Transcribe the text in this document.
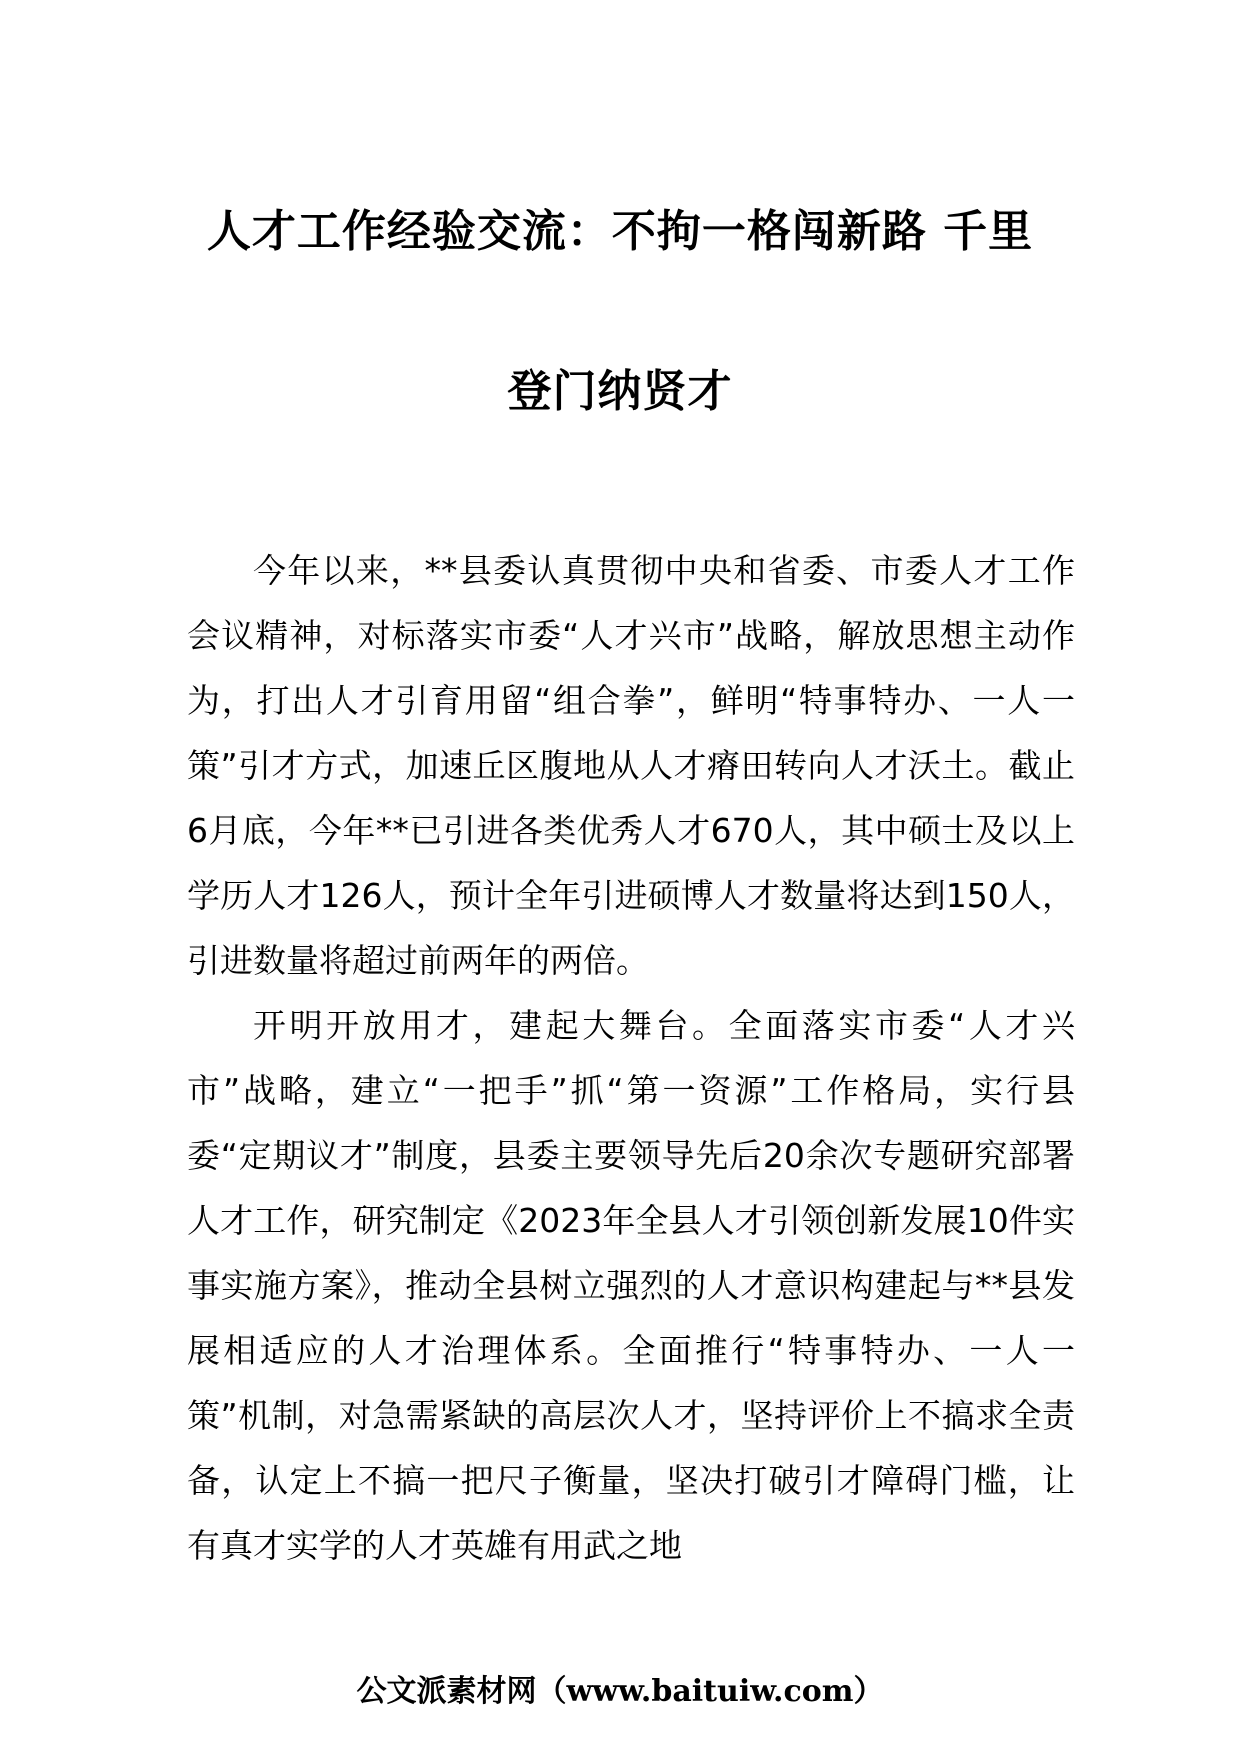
人才工作经验交流：不拘一格闯新路 千里
登门纳贤才

今年以来，**县委认真贯彻中央和省委、市委人才工作会议精神，对标落实市委“人才兴市”战略，解放思想主动作为，打出人才引育用留“组合拳”，鲜明“特事特办、一人一策”引才方式，加速丘区腹地从人才瘠田转向人才沃土。截止6月底，今年**已引进各类优秀人才670人，其中硕士及以上学历人才126人，预计全年引进硕博人才数量将达到150人，引进数量将超过前两年的两倍。

开明开放用才，建起大舞台。全面落实市委“人才兴市”战略，建立“一把手”抓“第一资源”工作格局，实行县委“定期议才”制度，县委主要领导先后20余次专题研究部署人才工作，研究制定《2023年全县人才引领创新发展10件实事实施方案》，推动全县树立强烈的人才意识构建起与**县发展相适应的人才治理体系。全面推行“特事特办、一人一策”机制，对急需紧缺的高层次人才，坚持评价上不搞求全责备，认定上不搞一把尺子衡量，坚决打破引才障碍门槛，让有真才实学的人才英雄有用武之地

公文派素材网（www.baituiw.com）
